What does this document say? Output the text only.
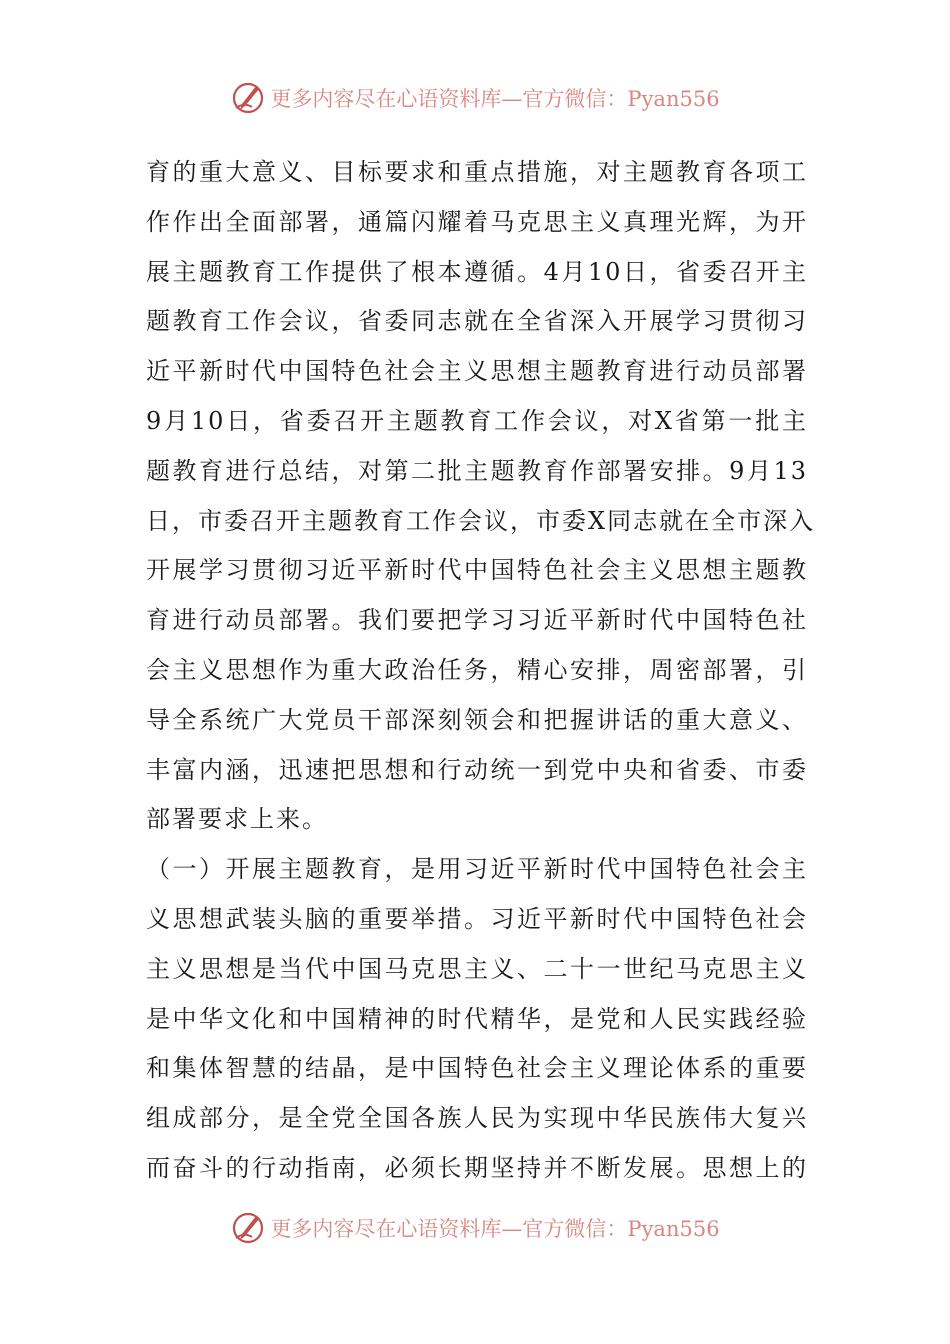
更多内容尽在心语资料库—官方微信：Pyan556
育的重大意义、目标要求和重点措施，对主题教育各项工
作作出全面部署，通篇闪耀着马克思主义真理光辉，为开
展主题教育工作提供了根本遵循。4月10日，省委召开主
题教育工作会议，省委同志就在全省深入开展学习贯彻习
近平新时代中国特色社会主义思想主题教育进行动员部署
9月10日，省委召开主题教育工作会议，对X省第一批主
题教育进行总结，对第二批主题教育作部署安排。9月13
日，市委召开主题教育工作会议，市委X同志就在全市深入
开展学习贯彻习近平新时代中国特色社会主义思想主题教
育进行动员部署。我们要把学习习近平新时代中国特色社
会主义思想作为重大政治任务，精心安排，周密部署，引
导全系统广大党员干部深刻领会和把握讲话的重大意义、
丰富内涵，迅速把思想和行动统一到党中央和省委、市委
部署要求上来。
（一）开展主题教育，是用习近平新时代中国特色社会主
义思想武装头脑的重要举措。习近平新时代中国特色社会
主义思想是当代中国马克思主义、二十一世纪马克思主义
是中华文化和中国精神的时代精华，是党和人民实践经验
和集体智慧的结晶，是中国特色社会主义理论体系的重要
组成部分，是全党全国各族人民为实现中华民族伟大复兴
而奋斗的行动指南，必须长期坚持并不断发展。思想上的
更多内容尽在心语资料库—官方微信：Pyan556
